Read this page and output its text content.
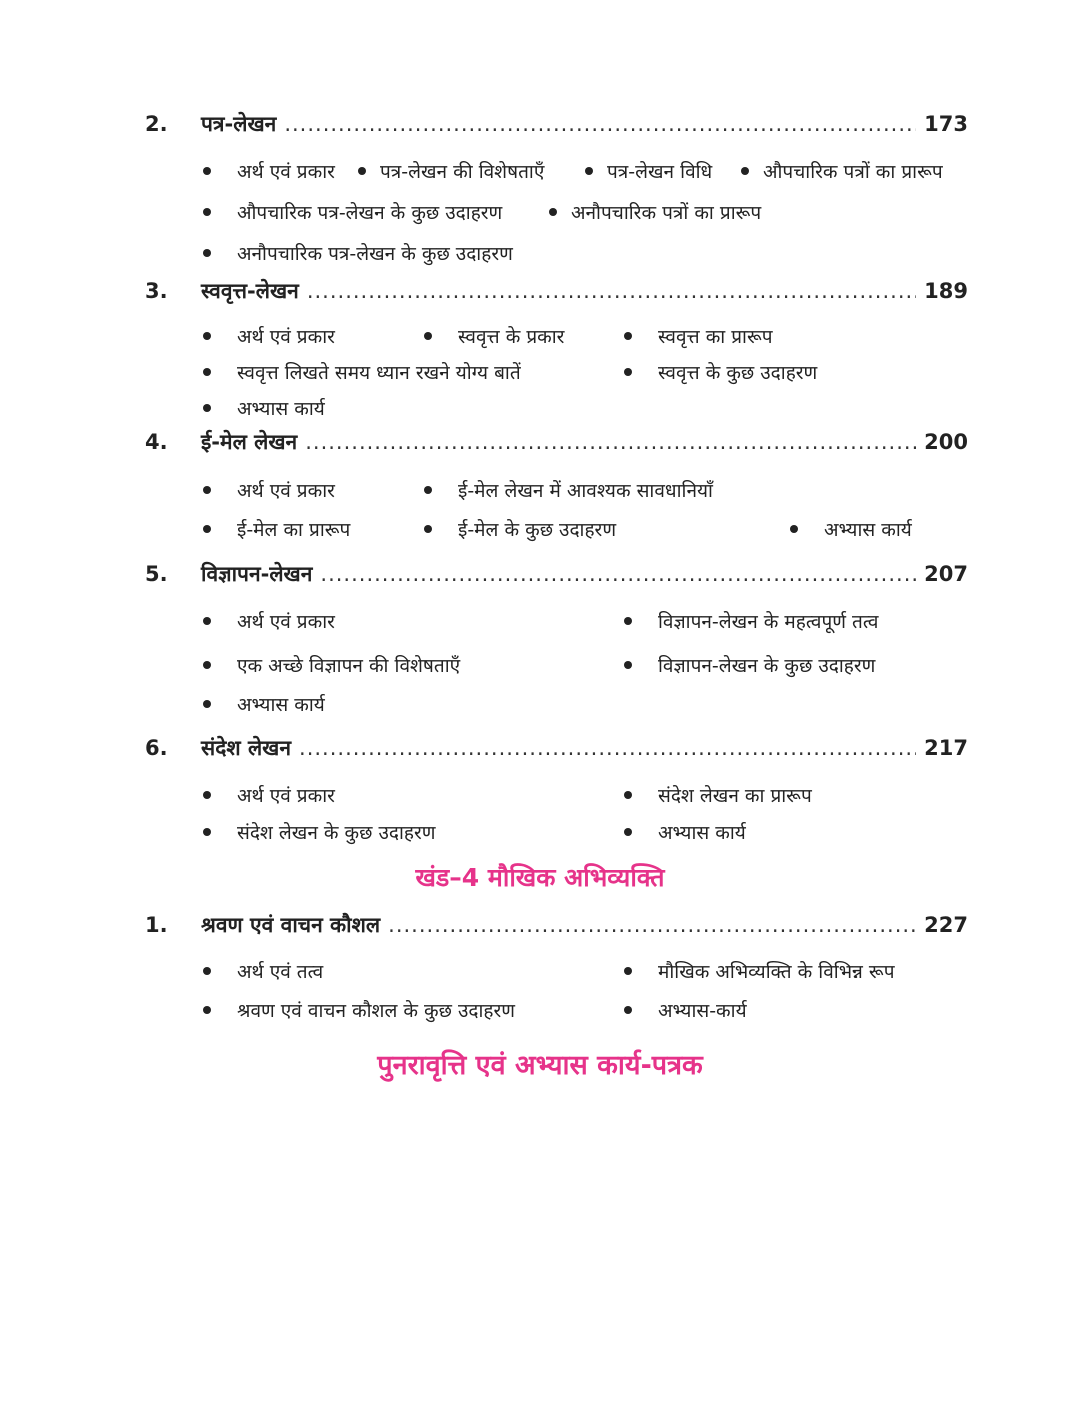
2.	पत्र-लेखन .....	173
अर्थ एवं प्रकार पत्र-लेखन की विशेषताएँ	पत्र-लेखन विधि	औपचारिक पत्रों का प्रारूप
औपचारिक पत्र-लेखन के कुछ उदाहरण	अनौपचारिक पत्रों का प्रारूप
अनौपचारिक पत्र-लेखन के कुछ उदाहरण
3.	स्ववृत्त-लेखन .....	189
अर्थ एवं प्रकार	स्ववृत्त के प्रकार	स्ववृत्त का प्रारूप
स्ववृत्त लिखते समय ध्यान रखने योग्य बातें	स्ववृत्त के कुछ उदाहरण
अभ्यास कार्य
4.	ई-मेल लेखन .....	200
अर्थ एवं प्रकार	ई-मेल लेखन में आवश्यक सावधानियाँ
ई-मेल का प्रारूप	ई-मेल के कुछ उदाहरण	अभ्यास कार्य
5.	विज्ञापन-लेखन .....	207
अर्थ एवं प्रकार	विज्ञापन-लेखन के महत्वपूर्ण तत्व
एक अच्छे विज्ञापन की विशेषताएँ	विज्ञापन-लेखन के कुछ उदाहरण
अभ्यास कार्य
6.	संदेश लेखन .....	217
अर्थ एवं प्रकार	संदेश लेखन का प्रारूप
संदेश लेखन के कुछ उदाहरण	अभ्यास कार्य
खंड–4 मौखिक अभिव्यक्ति
1.	श्रवण एवं वाचन कौशल .....	227
अर्थ एवं तत्व	मौखिक अभिव्यक्ति के विभिन्न रूप
श्रवण एवं वाचन कौशल के कुछ उदाहरण	अभ्यास-कार्य
पुनरावृत्ति एवं अभ्यास कार्य-पत्रक
